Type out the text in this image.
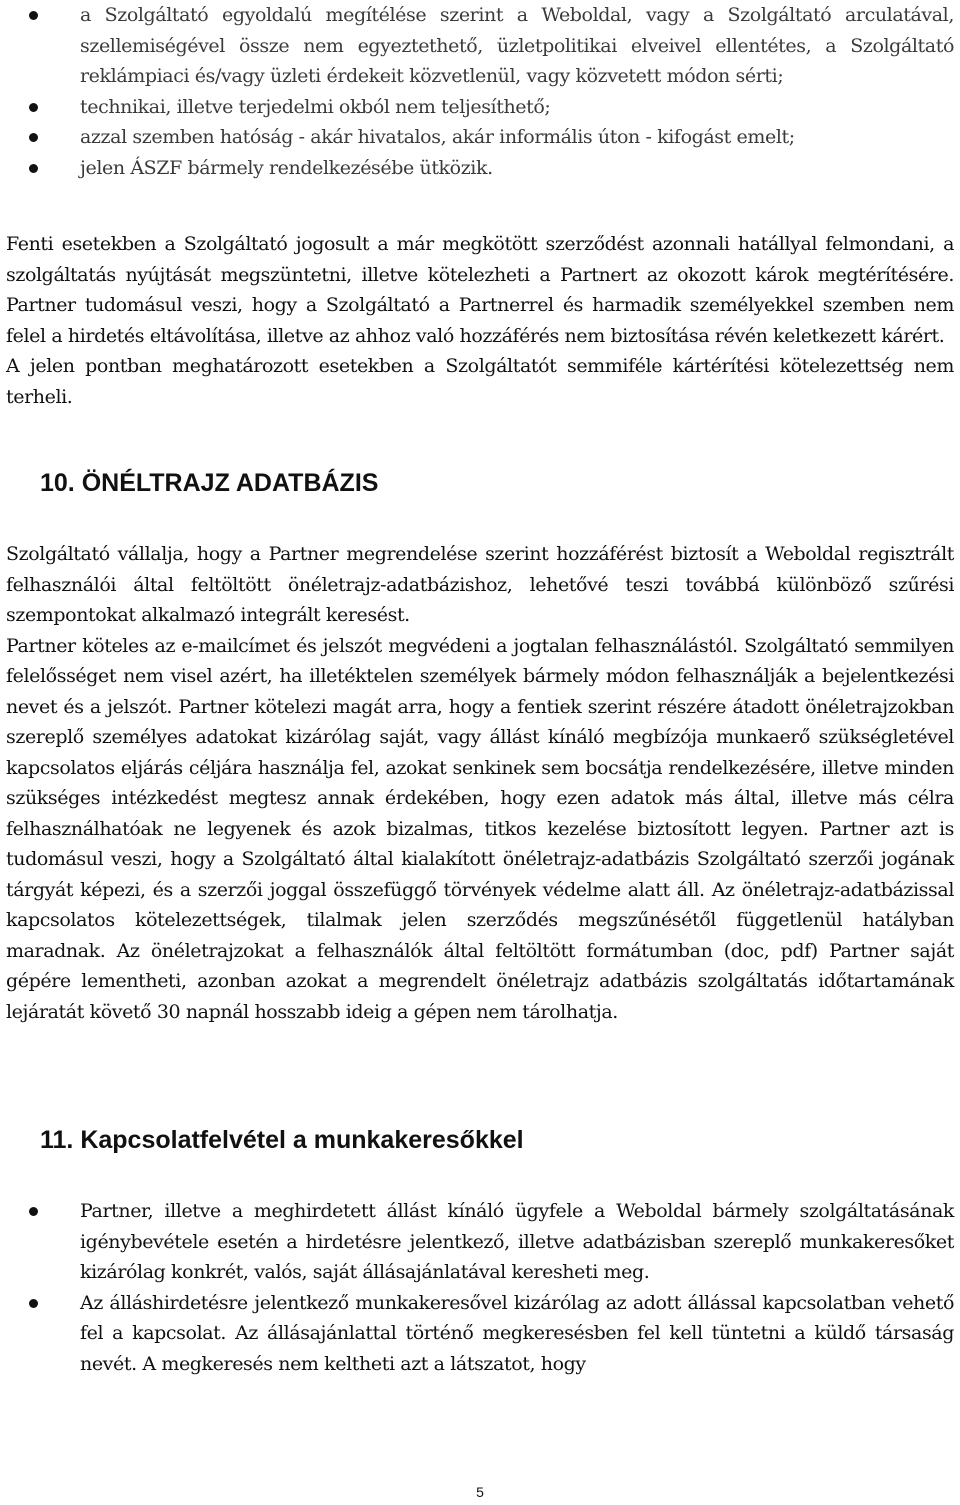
a Szolgáltató egyoldalú megítélése szerint a Weboldal, vagy a Szolgáltató arculatával, szellemiségével össze nem egyeztethető, üzletpolitikai elveivel ellentétes, a Szolgáltató reklámpiaci és/vagy üzleti érdekeit közvetlenül, vagy közvetett módon sérti;
technikai, illetve terjedelmi okból nem teljesíthető;
azzal szemben hatóság - akár hivatalos, akár informális úton - kifogást emelt;
jelen ÁSZF bármely rendelkezésébe ütközik.

Fenti esetekben a Szolgáltató jogosult a már megkötött szerződést azonnali hatállyal felmondani, a szolgáltatás nyújtását megszüntetni, illetve kötelezheti a Partnert az okozott károk megtérítésére. Partner tudomásul veszi, hogy a Szolgáltató a Partnerrel és harmadik személyekkel szemben nem felel a hirdetés eltávolítása, illetve az ahhoz való hozzáférés nem biztosítása révén keletkezett kárért.

A jelen pontban meghatározott esetekben a Szolgáltatót semmiféle kártérítési kötelezettség nem terheli.

10. ÖNÉLTRAJZ ADATBÁZIS

Szolgáltató vállalja, hogy a Partner megrendelése szerint hozzáférést biztosít a Weboldal regisztrált felhasználói által feltöltött önéletrajz-adatbázishoz, lehetővé teszi továbbá különböző szűrési szempontokat alkalmazó integrált keresést.

Partner köteles az e-mailcímet és jelszót megvédeni a jogtalan felhasználástól. Szolgáltató semmilyen felelősséget nem visel azért, ha illetéktelen személyek bármely módon felhasználják a bejelentkezési nevet és a jelszót. Partner kötelezi magát arra, hogy a fentiek szerint részére átadott önéletrajzokban szereplő személyes adatokat kizárólag saját, vagy állást kínáló megbízója munkaerő szükségletével kapcsolatos eljárás céljára használja fel, azokat senkinek sem bocsátja rendelkezésére, illetve minden szükséges intézkedést megtesz annak érdekében, hogy ezen adatok más által, illetve más célra felhasználhatóak ne legyenek és azok bizalmas, titkos kezelése biztosított legyen. Partner azt is tudomásul veszi, hogy a Szolgáltató által kialakított önéletrajz-adatbázis Szolgáltató szerzői jogának tárgyát képezi, és a szerzői joggal összefüggő törvények védelme alatt áll. Az önéletrajz-adatbázissal kapcsolatos kötelezettségek, tilalmak jelen szerződés megszűnésétől függetlenül hatályban maradnak. Az önéletrajzokat a felhasználók által feltöltött formátumban (doc, pdf) Partner saját gépére lementheti, azonban azokat a megrendelt önéletrajz adatbázis szolgáltatás időtartamának lejáratát követő 30 napnál hosszabb ideig a gépen nem tárolhatja.

11. Kapcsolatfelvétel a munkakeresőkkel
Partner, illetve a meghirdetett állást kínáló ügyfele a Weboldal bármely szolgáltatásának igénybevétele esetén a hirdetésre jelentkező, illetve adatbázisban szereplő munkakeresőket kizárólag konkrét, valós, saját állásajánlatával keresheti meg.
Az álláshirdetésre jelentkező munkakeresővel kizárólag az adott állással kapcsolatban vehető fel a kapcsolat. Az állásajánlattal történő megkeresésben fel kell tüntetni a küldő társaság nevét. A megkeresés nem keltheti azt a látszatot, hogy
5
